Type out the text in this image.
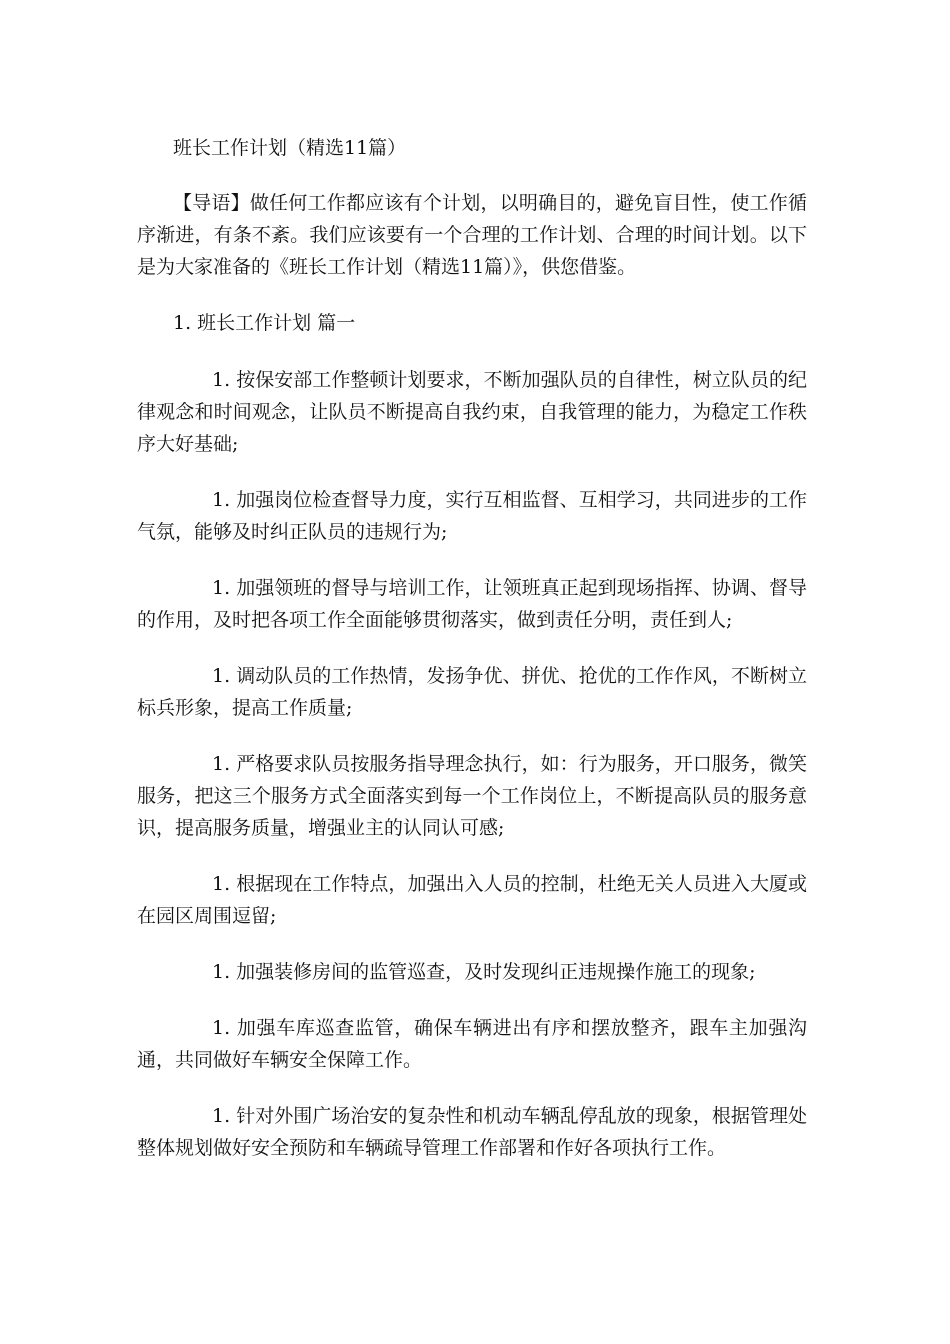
班长工作计划（精选11篇）

【导语】做任何工作都应该有个计划，以明确目的，避免盲目性，使工作循序渐进，有条不紊。我们应该要有一个合理的工作计划、合理的时间计划。以下是为大家准备的《班长工作计划（精选11篇）》，供您借鉴。

1. 班长工作计划 篇一

1. 按保安部工作整顿计划要求，不断加强队员的自律性，树立队员的纪律观念和时间观念，让队员不断提高自我约束，自我管理的能力，为稳定工作秩序大好基础;

1. 加强岗位检查督导力度，实行互相监督、互相学习，共同进步的工作气氛，能够及时纠正队员的违规行为;

1. 加强领班的督导与培训工作，让领班真正起到现场指挥、协调、督导的作用，及时把各项工作全面能够贯彻落实，做到责任分明，责任到人;

1. 调动队员的工作热情，发扬争优、拼优、抢优的工作作风，不断树立标兵形象，提高工作质量;

1. 严格要求队员按服务指导理念执行，如：行为服务，开口服务，微笑服务，把这三个服务方式全面落实到每一个工作岗位上，不断提高队员的服务意识，提高服务质量，增强业主的认同认可感;

1. 根据现在工作特点，加强出入人员的控制，杜绝无关人员进入大厦或在园区周围逗留;

1. 加强装修房间的监管巡查，及时发现纠正违规操作施工的现象;

1. 加强车库巡查监管，确保车辆进出有序和摆放整齐，跟车主加强沟通，共同做好车辆安全保障工作。

1. 针对外围广场治安的复杂性和机动车辆乱停乱放的现象，根据管理处整体规划做好安全预防和车辆疏导管理工作部署和作好各项执行工作。
